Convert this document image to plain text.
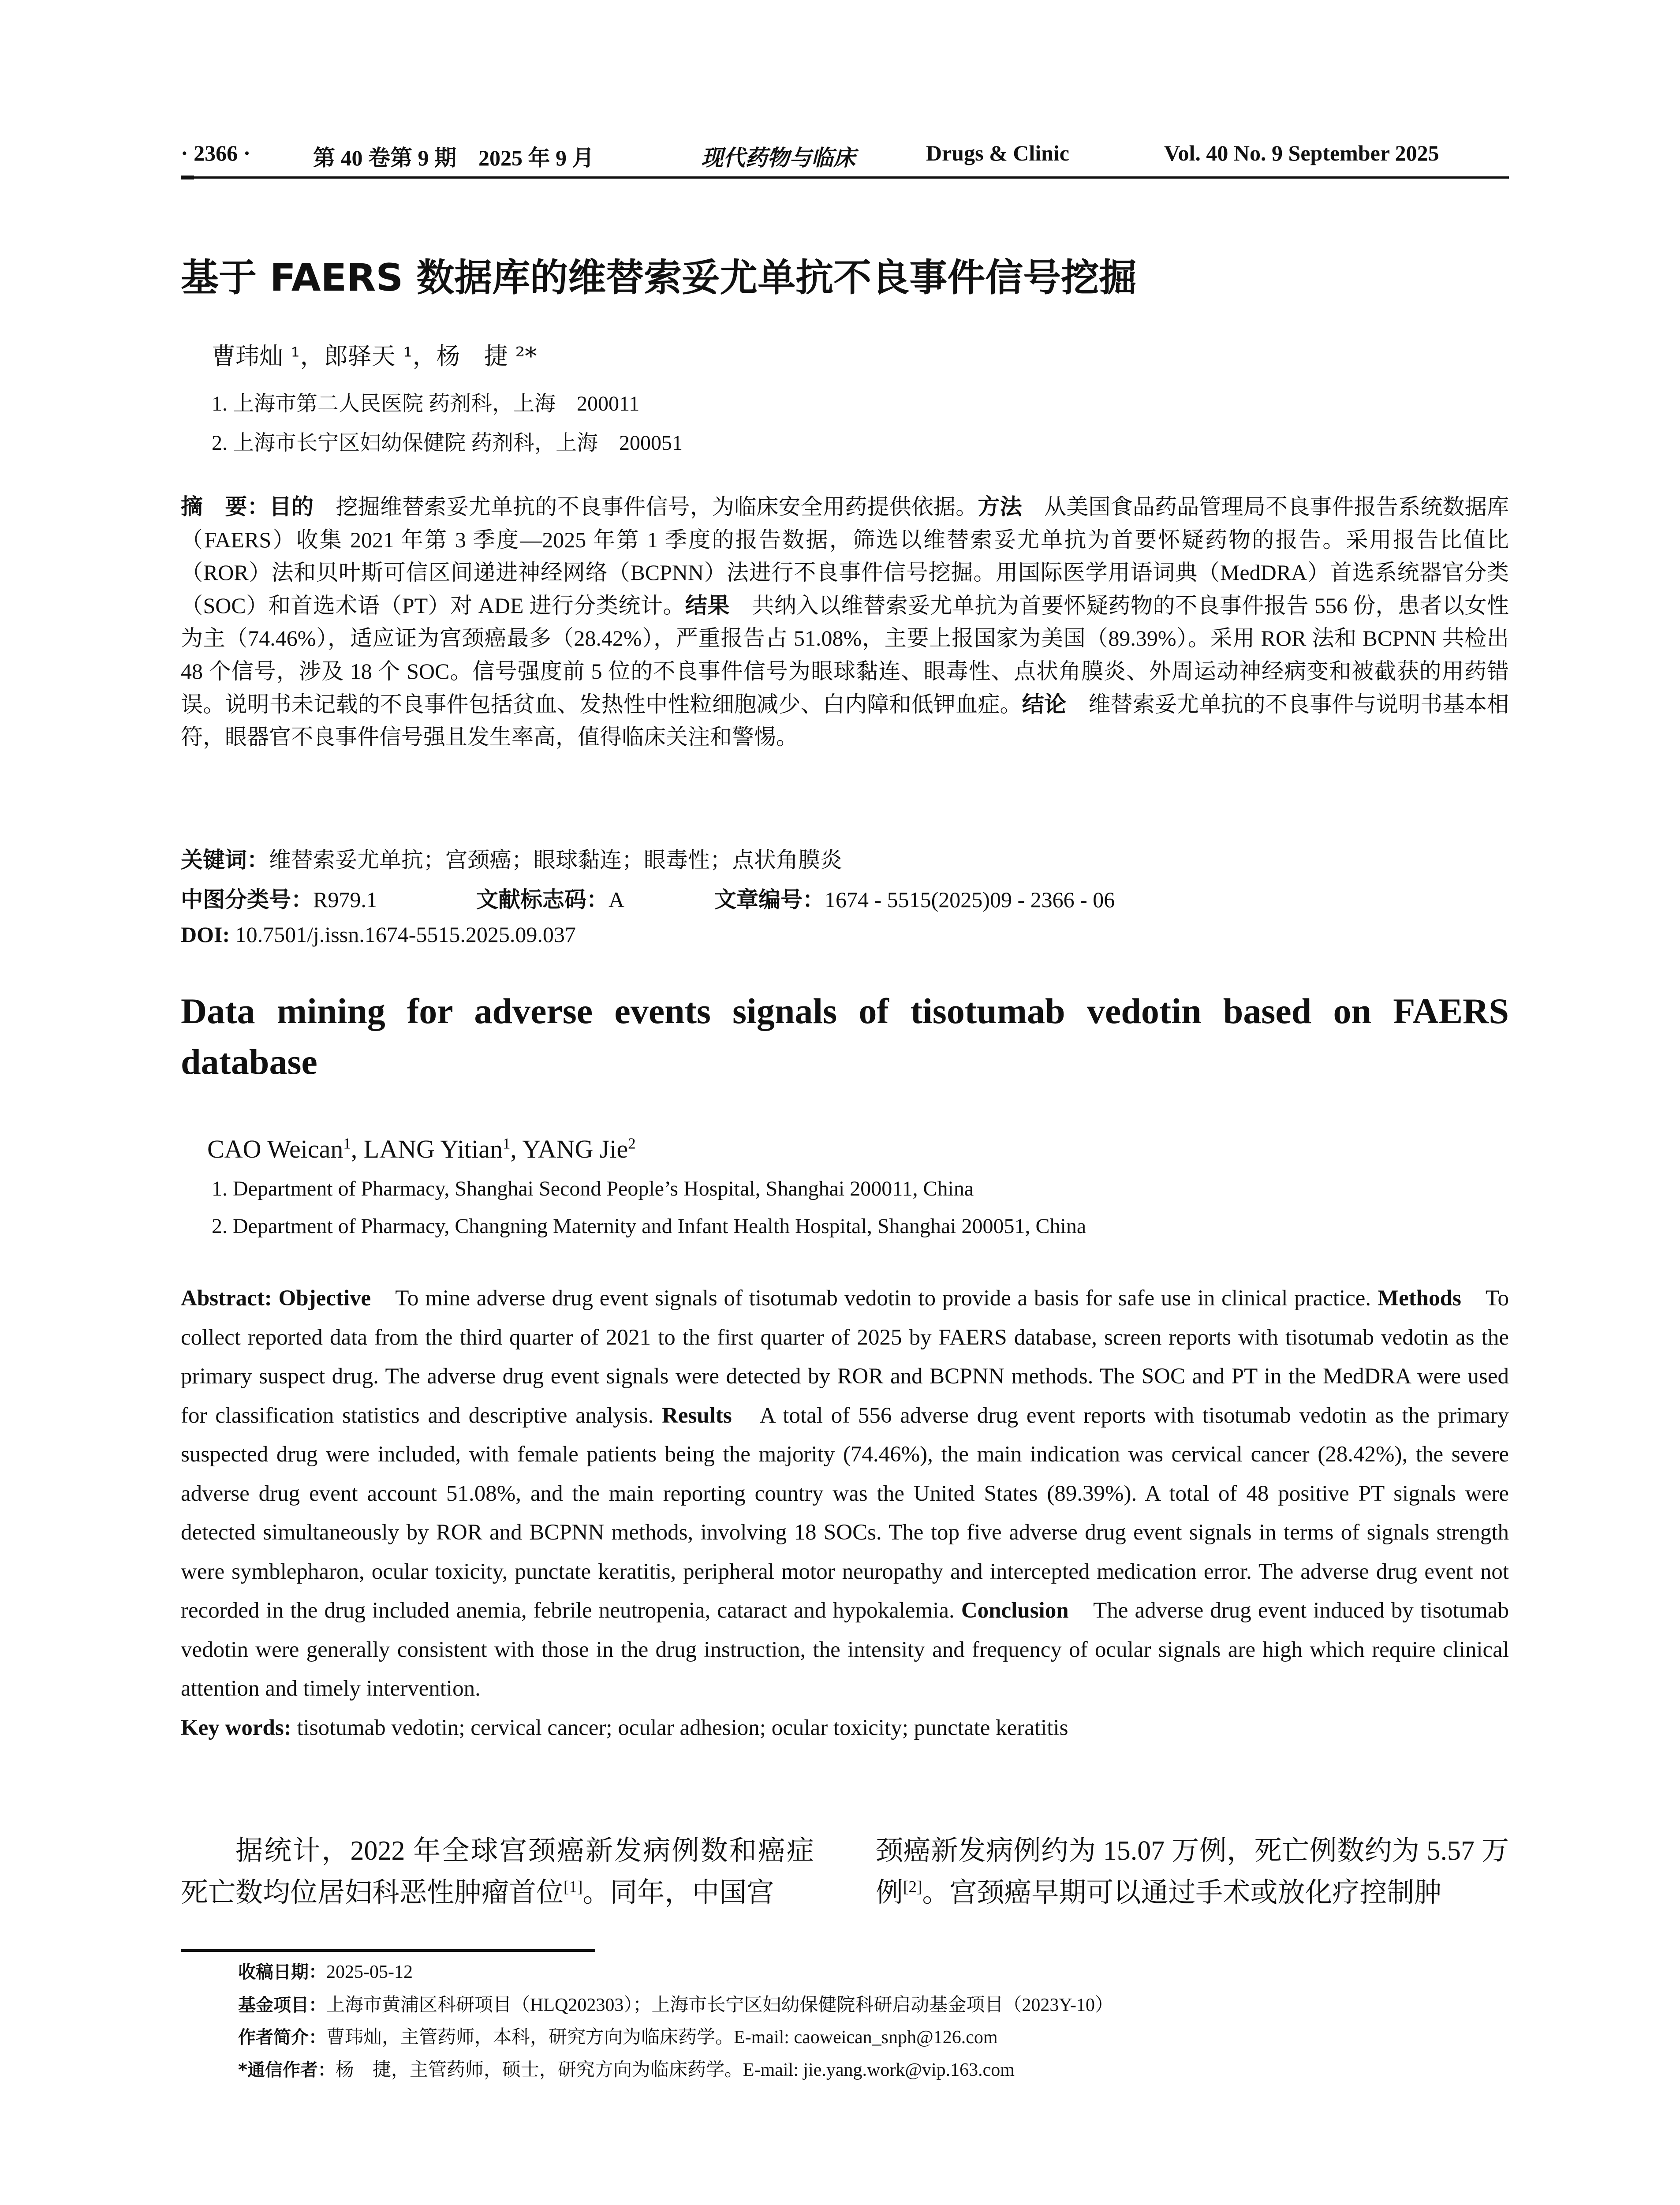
· 2366 ·	第 40 卷第 9 期　2025 年 9 月	现代药物与临床	Drugs & Clinic	Vol. 40 No. 9 September 2025
基于 FAERS 数据库的维替索妥尤单抗不良事件信号挖掘
曹玮灿 ¹，郎驿天 ¹，杨　捷 ²*
1. 上海市第二人民医院 药剂科，上海　200011
2. 上海市长宁区妇幼保健院 药剂科，上海　200051
摘　要：目的　挖掘维替索妥尤单抗的不良事件信号，为临床安全用药提供依据。方法　从美国食品药品管理局不良事件报告系统数据库（FAERS）收集 2021 年第 3 季度—2025 年第 1 季度的报告数据，筛选以维替索妥尤单抗为首要怀疑药物的报告。采用报告比值比（ROR）法和贝叶斯可信区间递进神经网络（BCPNN）法进行不良事件信号挖掘。用国际医学用语词典（MedDRA）首选系统器官分类（SOC）和首选术语（PT）对 ADE 进行分类统计。结果　共纳入以维替索妥尤单抗为首要怀疑药物的不良事件报告 556 份，患者以女性为主（74.46%），适应证为宫颈癌最多（28.42%），严重报告占 51.08%，主要上报国家为美国（89.39%）。采用 ROR 法和 BCPNN 共检出 48 个信号，涉及 18 个 SOC。信号强度前 5 位的不良事件信号为眼球黏连、眼毒性、点状角膜炎、外周运动神经病变和被截获的用药错误。说明书未记载的不良事件包括贫血、发热性中性粒细胞减少、白内障和低钾血症。结论　维替索妥尤单抗的不良事件与说明书基本相符，眼器官不良事件信号强且发生率高，值得临床关注和警惕。
关键词：维替索妥尤单抗；宫颈癌；眼球黏连；眼毒性；点状角膜炎
中图分类号：R979.1	文献标志码：A	文章编号：1674 - 5515(2025)09 - 2366 - 06
DOI: 10.7501/j.issn.1674-5515.2025.09.037
Data mining for adverse events signals of tisotumab vedotin based on FAERS database
CAO Weican$^1$, LANG Yitian$^1$, YANG Jie$^2$
1. Department of Pharmacy, Shanghai Second People’s Hospital, Shanghai 200011, China
2. Department of Pharmacy, Changning Maternity and Infant Health Hospital, Shanghai 200051, China
Abstract: Objective　To mine adverse drug event signals of tisotumab vedotin to provide a basis for safe use in clinical practice. Methods　To collect reported data from the third quarter of 2021 to the first quarter of 2025 by FAERS database, screen reports with tisotumab vedotin as the primary suspect drug. The adverse drug event signals were detected by ROR and BCPNN methods. The SOC and PT in the MedDRA were used for classification statistics and descriptive analysis. Results　A total of 556 adverse drug event reports with tisotumab vedotin as the primary suspected drug were included, with female patients being the majority (74.46%), the main indication was cervical cancer (28.42%), the severe adverse drug event account 51.08%, and the main reporting country was the United States (89.39%). A total of 48 positive PT signals were detected simultaneously by ROR and BCPNN methods, involving 18 SOCs. The top five adverse drug event signals in terms of signals strength were symblepharon, ocular toxicity, punctate keratitis, peripheral motor neuropathy and intercepted medication error. The adverse drug event not recorded in the drug included anemia, febrile neutropenia, cataract and hypokalemia. Conclusion　The adverse drug event induced by tisotumab vedotin were generally consistent with those in the drug instruction, the intensity and frequency of ocular signals are high which require clinical attention and timely intervention.
Key words: tisotumab vedotin; cervical cancer; ocular adhesion; ocular toxicity; punctate keratitis
据统计，2022 年全球宫颈癌新发病例数和癌症死亡数均位居妇科恶性肿瘤首位[1]。同年，中国宫
颈癌新发病例约为 15.07 万例，死亡例数约为 5.57 万例[2]。宫颈癌早期可以通过手术或放化疗控制肿
收稿日期：2025-05-12
基金项目：上海市黄浦区科研项目（HLQ202303）；上海市长宁区妇幼保健院科研启动基金项目（2023Y-10）
作者简介：曹玮灿，主管药师，本科，研究方向为临床药学。E-mail: caoweican_snph@126.com
*通信作者：杨　捷，主管药师，硕士，研究方向为临床药学。E-mail: jie.yang.work@vip.163.com
